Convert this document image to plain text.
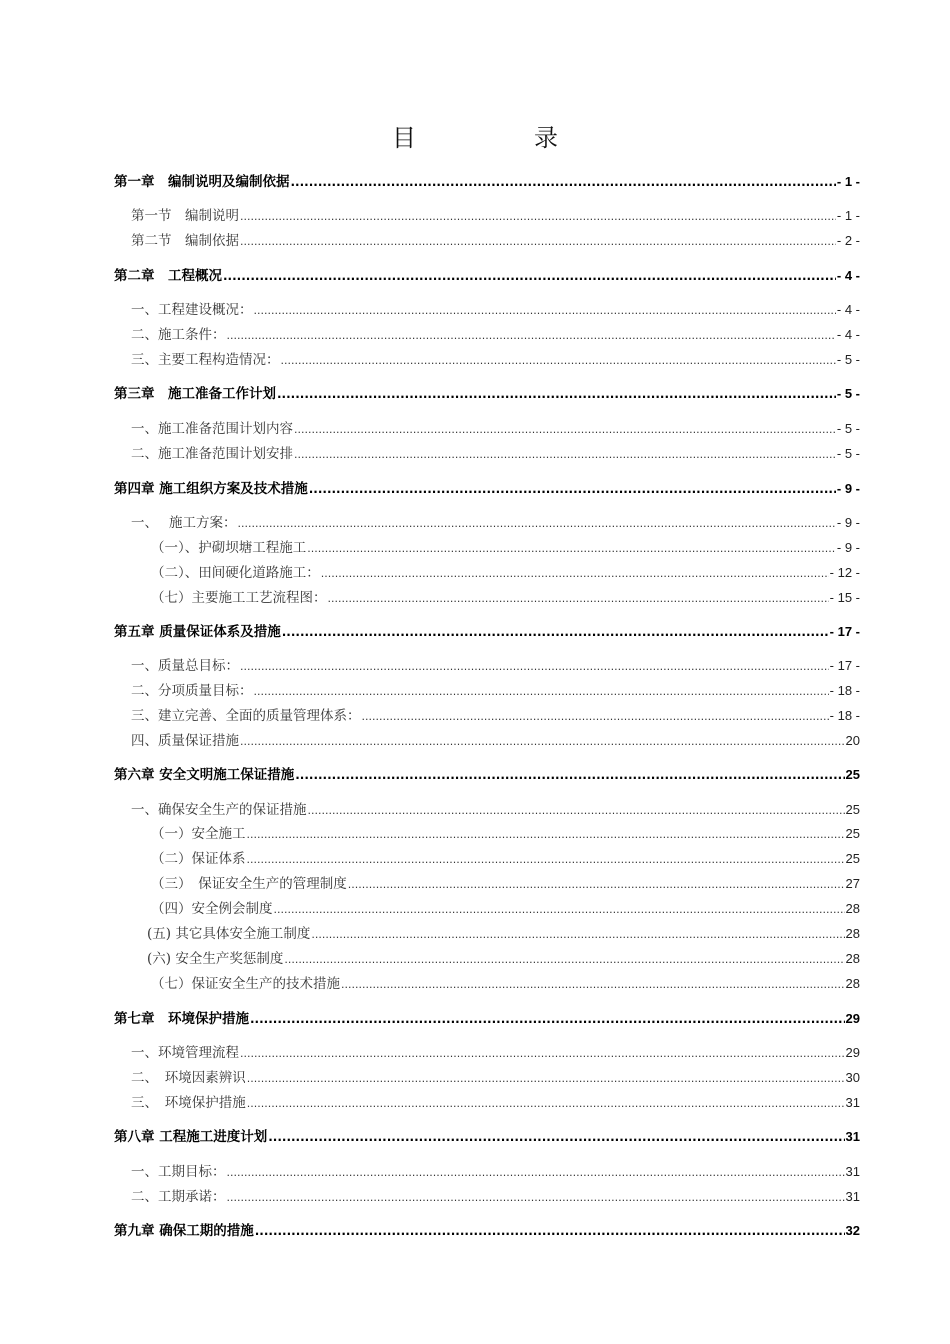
目	录
第一章　编制说明及编制依据 .....	- 1 -
第一节　编制说明 .....	- 1 -
第二节　编制依据 .....	- 2 -
第二章　工程概况 .....	- 4 -
一、工程建设概况： .....	- 4 -
二、施工条件： .....	- 4 -
三、主要工程构造情况： .....	- 5 -
第三章　施工准备工作计划 .....	- 5 -
一、施工准备范围计划内容 .....	- 5 -
二、施工准备范围计划安排 .....	- 5 -
第四章 施工组织方案及技术措施 .....	- 9 -
一、　 施工方案： .....	- 9 -
（一）、护砌坝塘工程施工 .....	- 9 -
（二）、田间硬化道路施工： .....	- 12 -
（七）主要施工工艺流程图： .....	- 15 -
第五章 质量保证体系及措施 .....	- 17 -
一、质量总目标： .....	- 17 -
二、分项质量目标： .....	- 18 -
三、建立完善、全面的质量管理体系： .....	- 18 -
四、质量保证措施 .....	20
第六章 安全文明施工保证措施 .....	25
一、确保安全生产的保证措施 .....	25
（一）安全施工 .....	25
（二）保证体系 .....	25
（三）　保证安全生产的管理制度 .....	27
（四）安全例会制度 .....	28
(五) 其它具体安全施工制度 .....	28
(六) 安全生产奖惩制度 .....	28
（七）保证安全生产的技术措施 .....	28
第七章　环境保护措施 .....	29
一、环境管理流程 .....	29
二、　环境因素辨识 .....	30
三、　环境保护措施 .....	31
第八章 工程施工进度计划 .....	31
一、工期目标： .....	31
二、工期承诺： .....	31
第九章 确保工期的措施 .....	32
